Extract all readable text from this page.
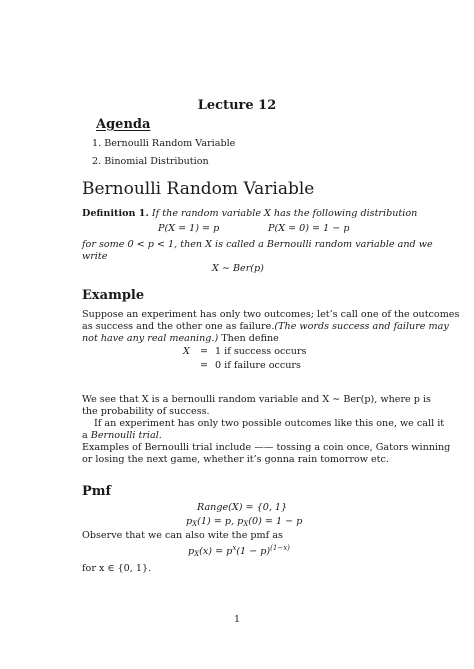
Lecture 12
Agenda
1. Bernoulli Random Variable
2. Binomial Distribution
Bernoulli Random Variable
Definition 1. If the random variable X has the following distribution
P(X = 1) = p	P(X = 0) = 1 − p
for some 0 < p < 1, then X is called a Bernoulli random variable and we
write
X ∼ Ber(p)
Example
Suppose an experiment has only two outcomes; let’s call one of the outcomes
as success and the other one as failure.(The words success and failure may
not have any real meaning.) Then define
X = 1 if success occurs
= 0 if failure occurs
We see that X is a bernoulli random variable and X ∼ Ber(p), where p is
the probability of success.
If an experiment has only two possible outcomes like this one, we call it
a Bernoulli trial.
Examples of Bernoulli trial include —— tossing a coin once, Gators winning
or losing the next game, whether it’s gonna rain tomorrow etc.
Pmf
Range(X) = {0, 1}
$p_X(1) = p$, $p_X(0) = 1 - p$
Observe that we can also wite the pmf as
$p_X(x) = p^x(1 - p)^{(1-x)}$
for x ∈ {0, 1}.
1
